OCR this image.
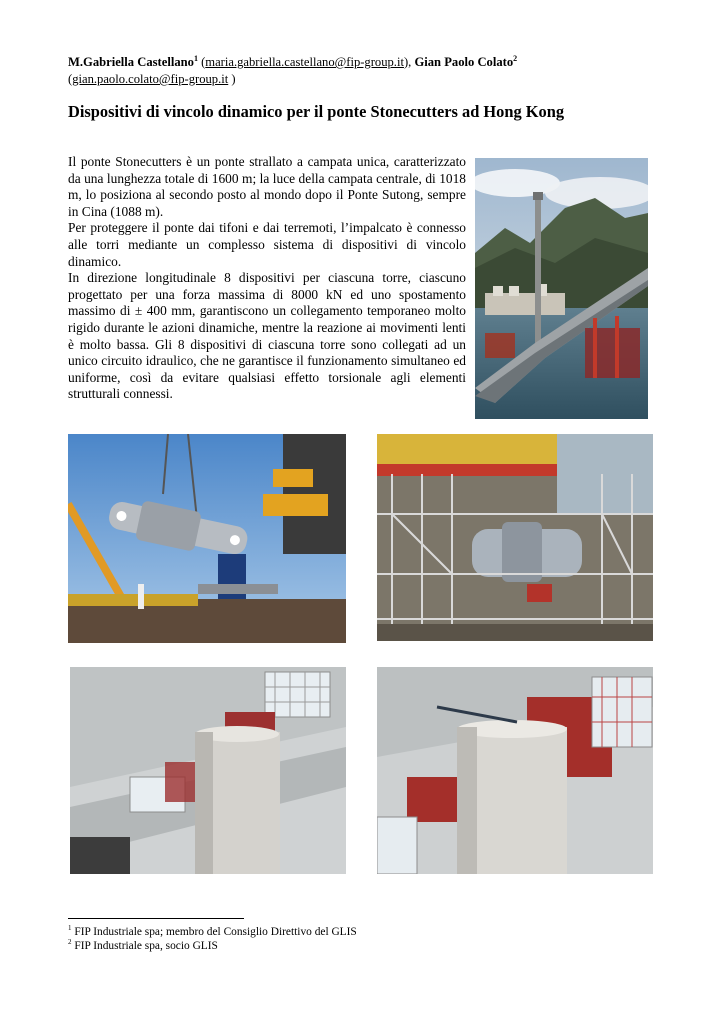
M.Gabriella Castellano$^1$ (maria.gabriella.castellano@fip-group.it), Gian Paolo Colato$^2$
(gian.paolo.colato@fip-group.it )
Dispositivi di vincolo dinamico per il ponte Stonecutters ad Hong Kong

Il ponte Stonecutters è un ponte strallato a campata unica, caratterizzato da una lunghezza totale di 1600 m; la luce della campata centrale, di 1018 m, lo posiziona al secondo posto al mondo dopo il Ponte Sutong, sempre in Cina (1088 m).

Per proteggere il ponte dai tifoni e dai terremoti, l’impalcato è connesso alle torri mediante un complesso sistema di dispositivi di vincolo dinamico.

In direzione longitudinale 8 dispositivi per ciascuna torre, ciascuno progettato per una forza massima di 8000 kN ed uno spostamento massimo di ± 400 mm, garantiscono un collegamento temporaneo molto rigido durante le azioni dinamiche, mentre la reazione ai movimenti lenti è molto bassa. Gli 8 dispositivi di ciascuna torre sono collegati ad un unico circuito idraulico, che ne garantisce il funzionamento simultaneo ed uniforme, così da evitare qualsiasi effetto torsionale agli elementi strutturali connessi.

$^1$ FIP Industriale spa; membro del Consiglio Direttivo del GLIS
$^2$ FIP Industriale spa, socio GLIS
